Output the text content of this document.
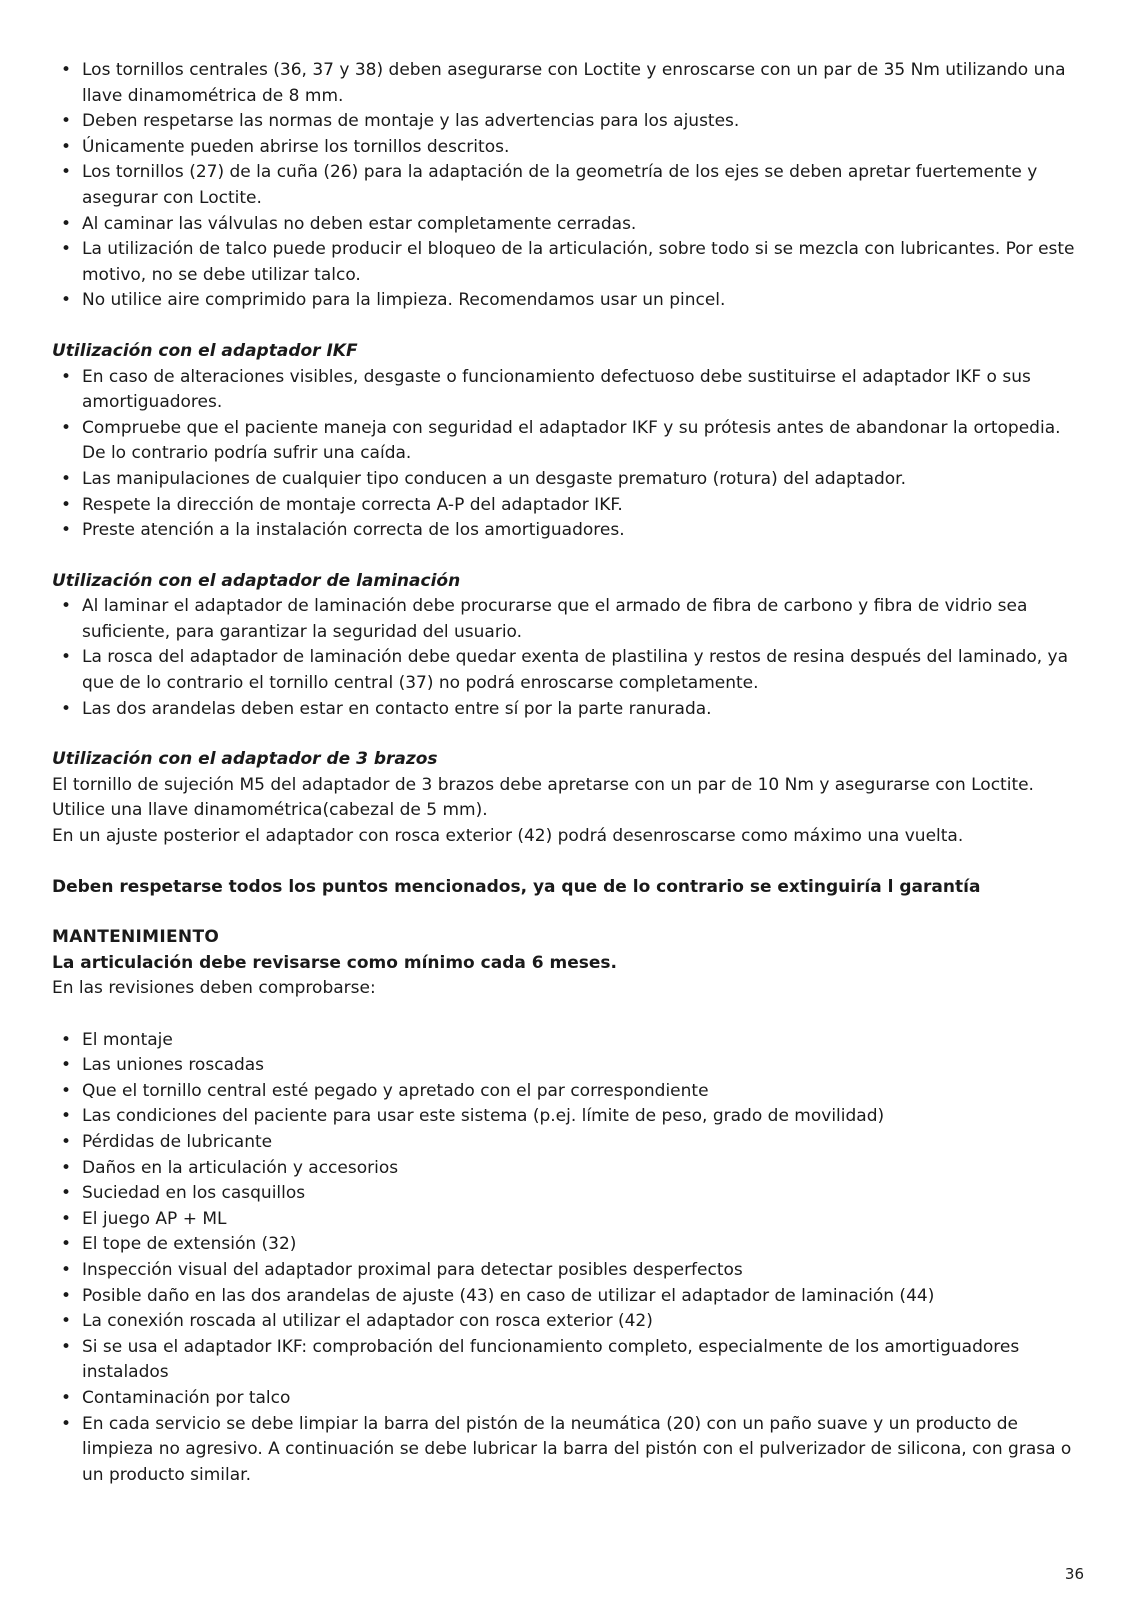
• Los tornillos centrales (36, 37 y 38) deben asegurarse con Loctite y enroscarse con un par de 35 Nm utilizando una llave dinamométrica de 8 mm.
• Deben respetarse las normas de montaje y las advertencias para los ajustes.
• Únicamente pueden abrirse los tornillos descritos.
• Los tornillos (27) de la cuña (26) para la adaptación de la geometría de los ejes se deben apretar fuertemente y asegurar con Loctite.
• Al caminar las válvulas no deben estar completamente cerradas.
• La utilización de talco puede producir el bloqueo de la articulación, sobre todo si se mezcla con lubricantes. Por este motivo, no se debe utilizar talco.
• No utilice aire comprimido para la limpieza. Recomendamos usar un pincel.
Utilización con el adaptador IKF
• En caso de alteraciones visibles, desgaste o funcionamiento defectuoso debe sustituirse el adaptador IKF o sus amortiguadores.
• Compruebe que el paciente maneja con seguridad el adaptador IKF y su prótesis antes de abandonar la ortopedia. De lo contrario podría sufrir una caída.
• Las manipulaciones de cualquier tipo conducen a un desgaste prematuro (rotura) del adaptador.
• Respete la dirección de montaje correcta A-P del adaptador IKF.
• Preste atención a la instalación correcta de los amortiguadores.
Utilización con el adaptador de laminación
• Al laminar el adaptador de laminación debe procurarse que el armado de fibra de carbono y fibra de vidrio sea suficiente, para garantizar la seguridad del usuario.
• La rosca del adaptador de laminación debe quedar exenta de plastilina y restos de resina después del laminado, ya que de lo contrario el tornillo central (37) no podrá enroscarse completamente.
• Las dos arandelas deben estar en contacto entre sí por la parte ranurada.
Utilización con el adaptador de 3 brazos

El tornillo de sujeción M5 del adaptador de 3 brazos debe apretarse con un par de 10 Nm y asegurarse con Loctite.

Utilice una llave dinamométrica(cabezal de 5 mm).

En un ajuste posterior el adaptador con rosca exterior (42) podrá desenroscarse como máximo una vuelta.

Deben respetarse todos los puntos mencionados, ya que de lo contrario se extinguiría l garantía
MANTENIMIENTO
La articulación debe revisarse como mínimo cada 6 meses.
En las revisiones deben comprobarse:
• El montaje
• Las uniones roscadas
• Que el tornillo central esté pegado y apretado con el par correspondiente
• Las condiciones del paciente para usar este sistema (p.ej. límite de peso, grado de movilidad)
• Pérdidas de lubricante
• Daños en la articulación y accesorios
• Suciedad en los casquillos
• El juego AP + ML
• El tope de extensión (32)
• Inspección visual del adaptador proximal para detectar posibles desperfectos
• Posible daño en las dos arandelas de ajuste (43) en caso de utilizar el adaptador de laminación (44)
• La conexión roscada al utilizar el adaptador con rosca exterior (42)
• Si se usa el adaptador IKF: comprobación del funcionamiento completo, especialmente de los amortiguadores instalados
• Contaminación por talco
• En cada servicio se debe limpiar la barra del pistón de la neumática (20) con un paño suave y un producto de limpieza no agresivo. A continuación se debe lubricar la barra del pistón con el pulverizador de silicona, con grasa o un producto similar.
36
